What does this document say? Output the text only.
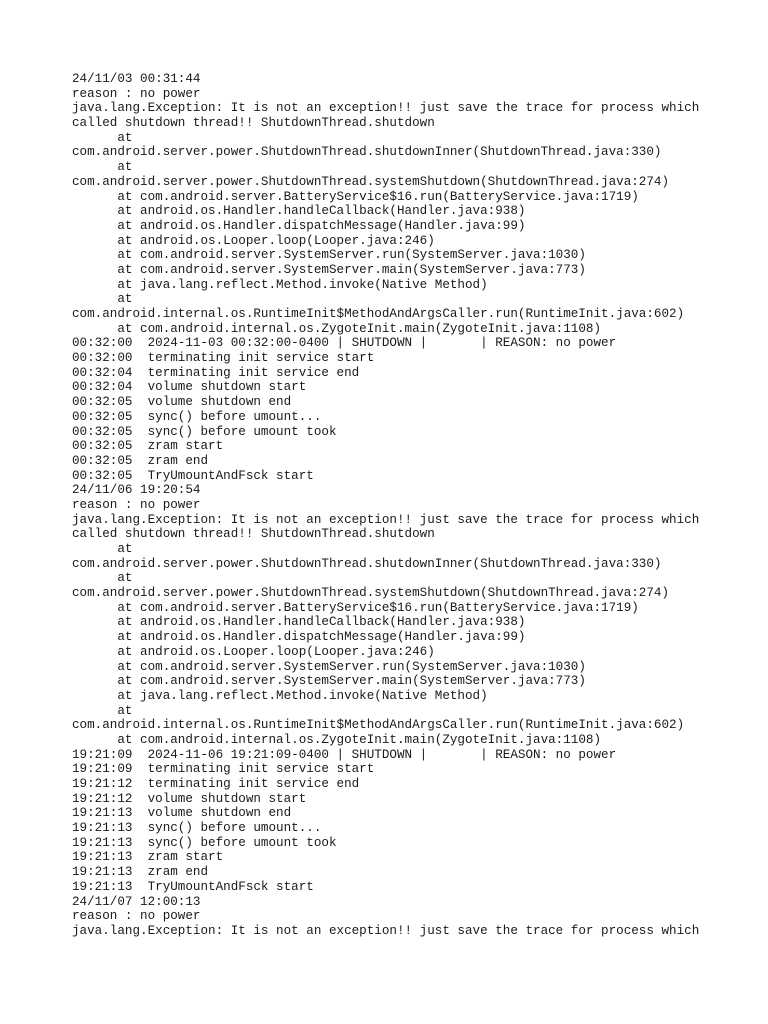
24/11/03 00:31:44
reason : no power
java.lang.Exception: It is not an exception!! just save the trace for process which
called shutdown thread!! ShutdownThread.shutdown
at
com.android.server.power.ShutdownThread.shutdownInner(ShutdownThread.java:330)
at
com.android.server.power.ShutdownThread.systemShutdown(ShutdownThread.java:274)
at com.android.server.BatteryService$16.run(BatteryService.java:1719)
at android.os.Handler.handleCallback(Handler.java:938)
at android.os.Handler.dispatchMessage(Handler.java:99)
at android.os.Looper.loop(Looper.java:246)
at com.android.server.SystemServer.run(SystemServer.java:1030)
at com.android.server.SystemServer.main(SystemServer.java:773)
at java.lang.reflect.Method.invoke(Native Method)
at
com.android.internal.os.RuntimeInit$MethodAndArgsCaller.run(RuntimeInit.java:602)
at com.android.internal.os.ZygoteInit.main(ZygoteInit.java:1108)
00:32:00  2024-11-03 00:32:00-0400 | SHUTDOWN |       | REASON: no power
00:32:00  terminating init service start
00:32:04  terminating init service end
00:32:04  volume shutdown start
00:32:05  volume shutdown end
00:32:05  sync() before umount...
00:32:05  sync() before umount took
00:32:05  zram start
00:32:05  zram end
00:32:05  TryUmountAndFsck start
24/11/06 19:20:54
reason : no power
java.lang.Exception: It is not an exception!! just save the trace for process which
called shutdown thread!! ShutdownThread.shutdown
at
com.android.server.power.ShutdownThread.shutdownInner(ShutdownThread.java:330)
at
com.android.server.power.ShutdownThread.systemShutdown(ShutdownThread.java:274)
at com.android.server.BatteryService$16.run(BatteryService.java:1719)
at android.os.Handler.handleCallback(Handler.java:938)
at android.os.Handler.dispatchMessage(Handler.java:99)
at android.os.Looper.loop(Looper.java:246)
at com.android.server.SystemServer.run(SystemServer.java:1030)
at com.android.server.SystemServer.main(SystemServer.java:773)
at java.lang.reflect.Method.invoke(Native Method)
at
com.android.internal.os.RuntimeInit$MethodAndArgsCaller.run(RuntimeInit.java:602)
at com.android.internal.os.ZygoteInit.main(ZygoteInit.java:1108)
19:21:09  2024-11-06 19:21:09-0400 | SHUTDOWN |       | REASON: no power
19:21:09  terminating init service start
19:21:12  terminating init service end
19:21:12  volume shutdown start
19:21:13  volume shutdown end
19:21:13  sync() before umount...
19:21:13  sync() before umount took
19:21:13  zram start
19:21:13  zram end
19:21:13  TryUmountAndFsck start
24/11/07 12:00:13
reason : no power
java.lang.Exception: It is not an exception!! just save the trace for process which
